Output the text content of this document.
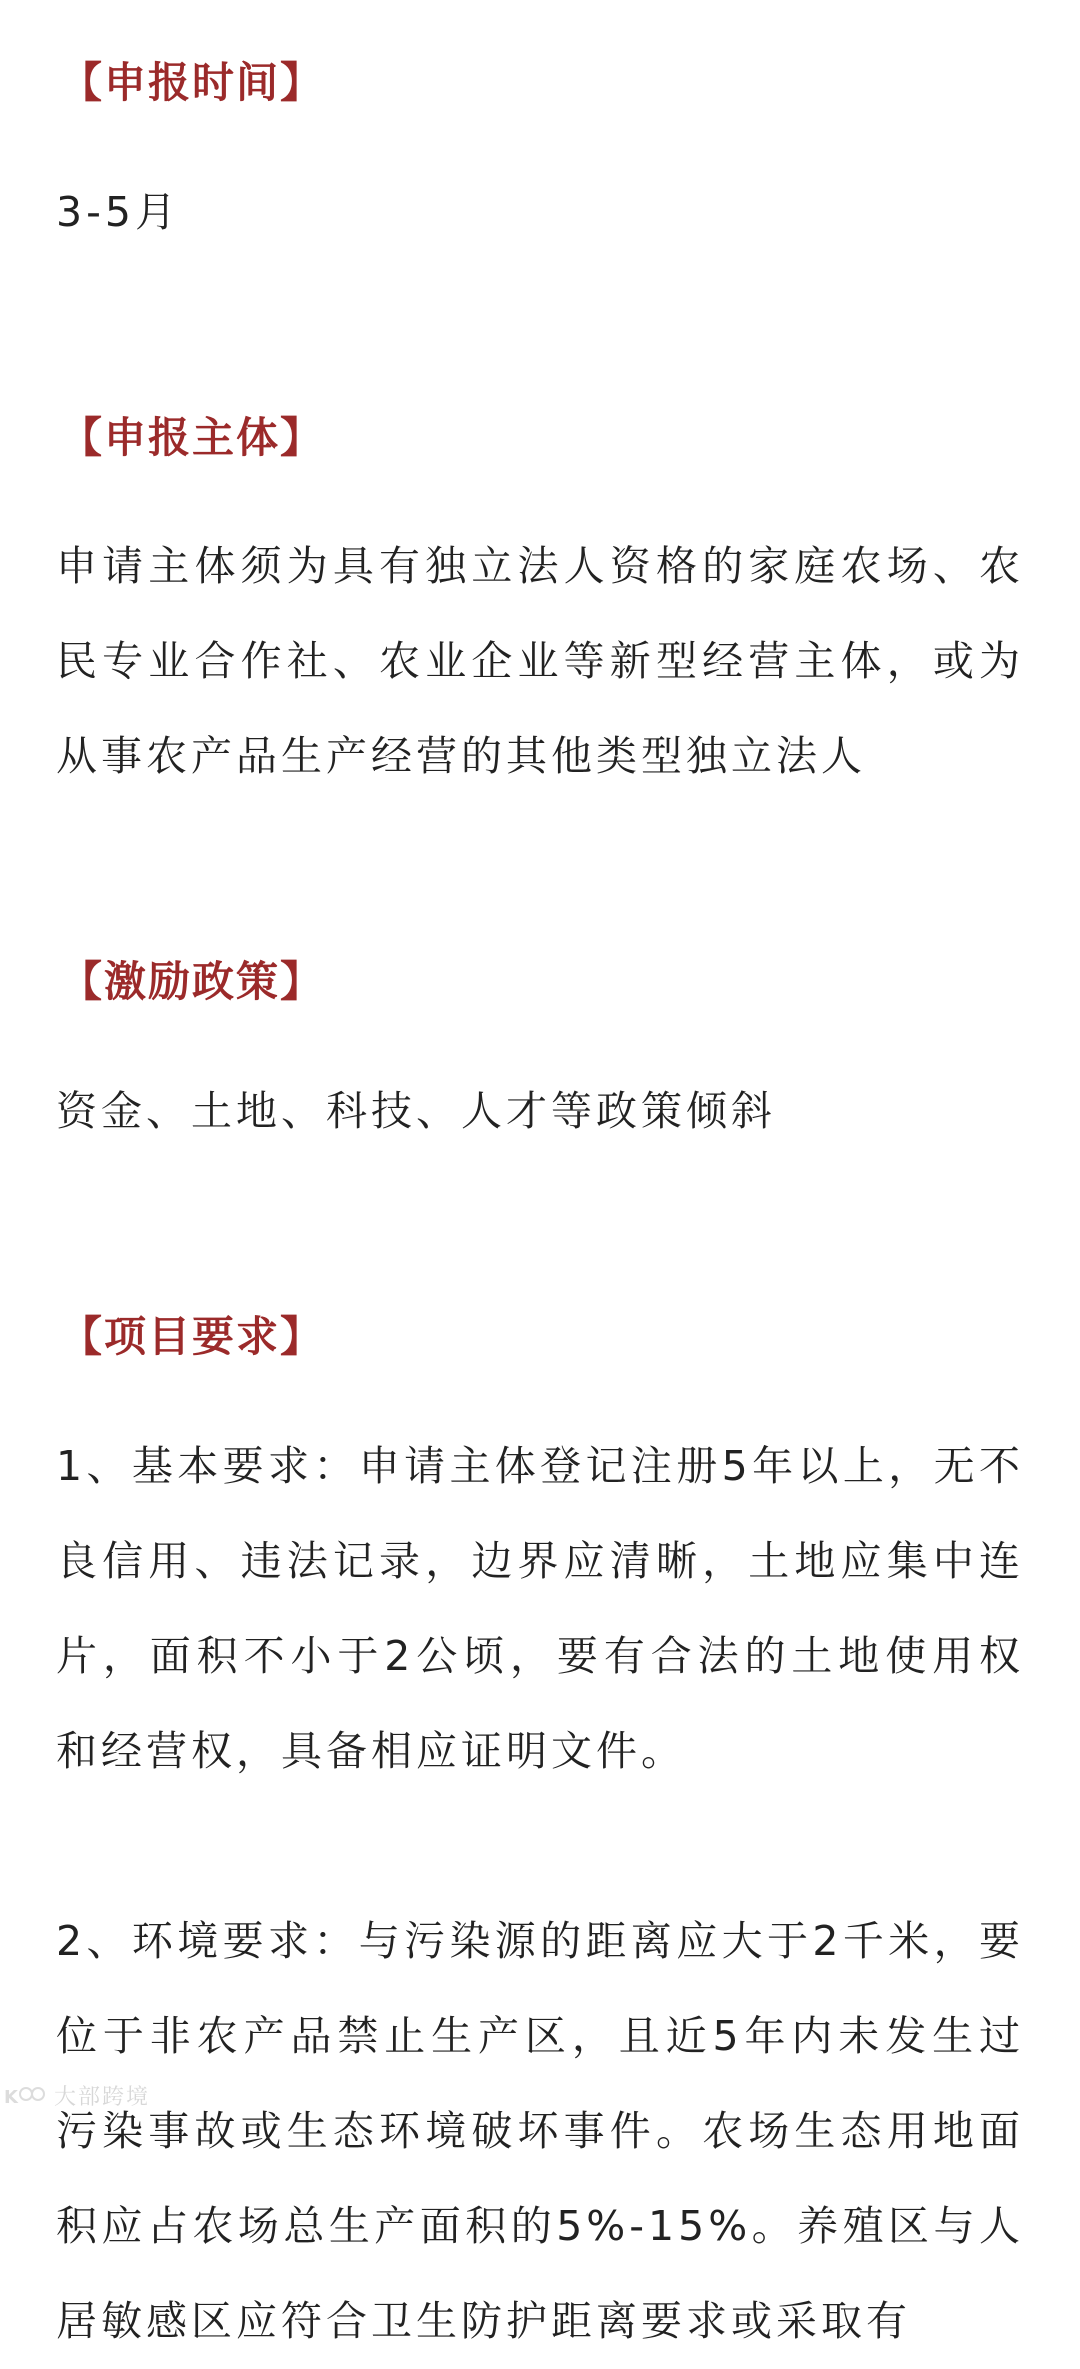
【申报时间】

3-5月

【申报主体】

申请主体须为具有独立法人资格的家庭农场、农民专业合作社、农业企业等新型经营主体，或为从事农产品生产经营的其他类型独立法人

【激励政策】

资金、土地、科技、人才等政策倾斜

【项目要求】

1、基本要求：申请主体登记注册5年以上，无不良信用、违法记录，边界应清晰，土地应集中连片，面积不小于2公顷，要有合法的土地使用权和经营权，具备相应证明文件。

2、环境要求：与污染源的距离应大于2千米，要位于非农产品禁止生产区，且近5年内未发生过污染事故或生态环境破坏事件。农场生态用地面积应占农场总生产面积的5%-15%。养殖区与人居敏感区应符合卫生防护距离要求或采取有

K 大部跨境
